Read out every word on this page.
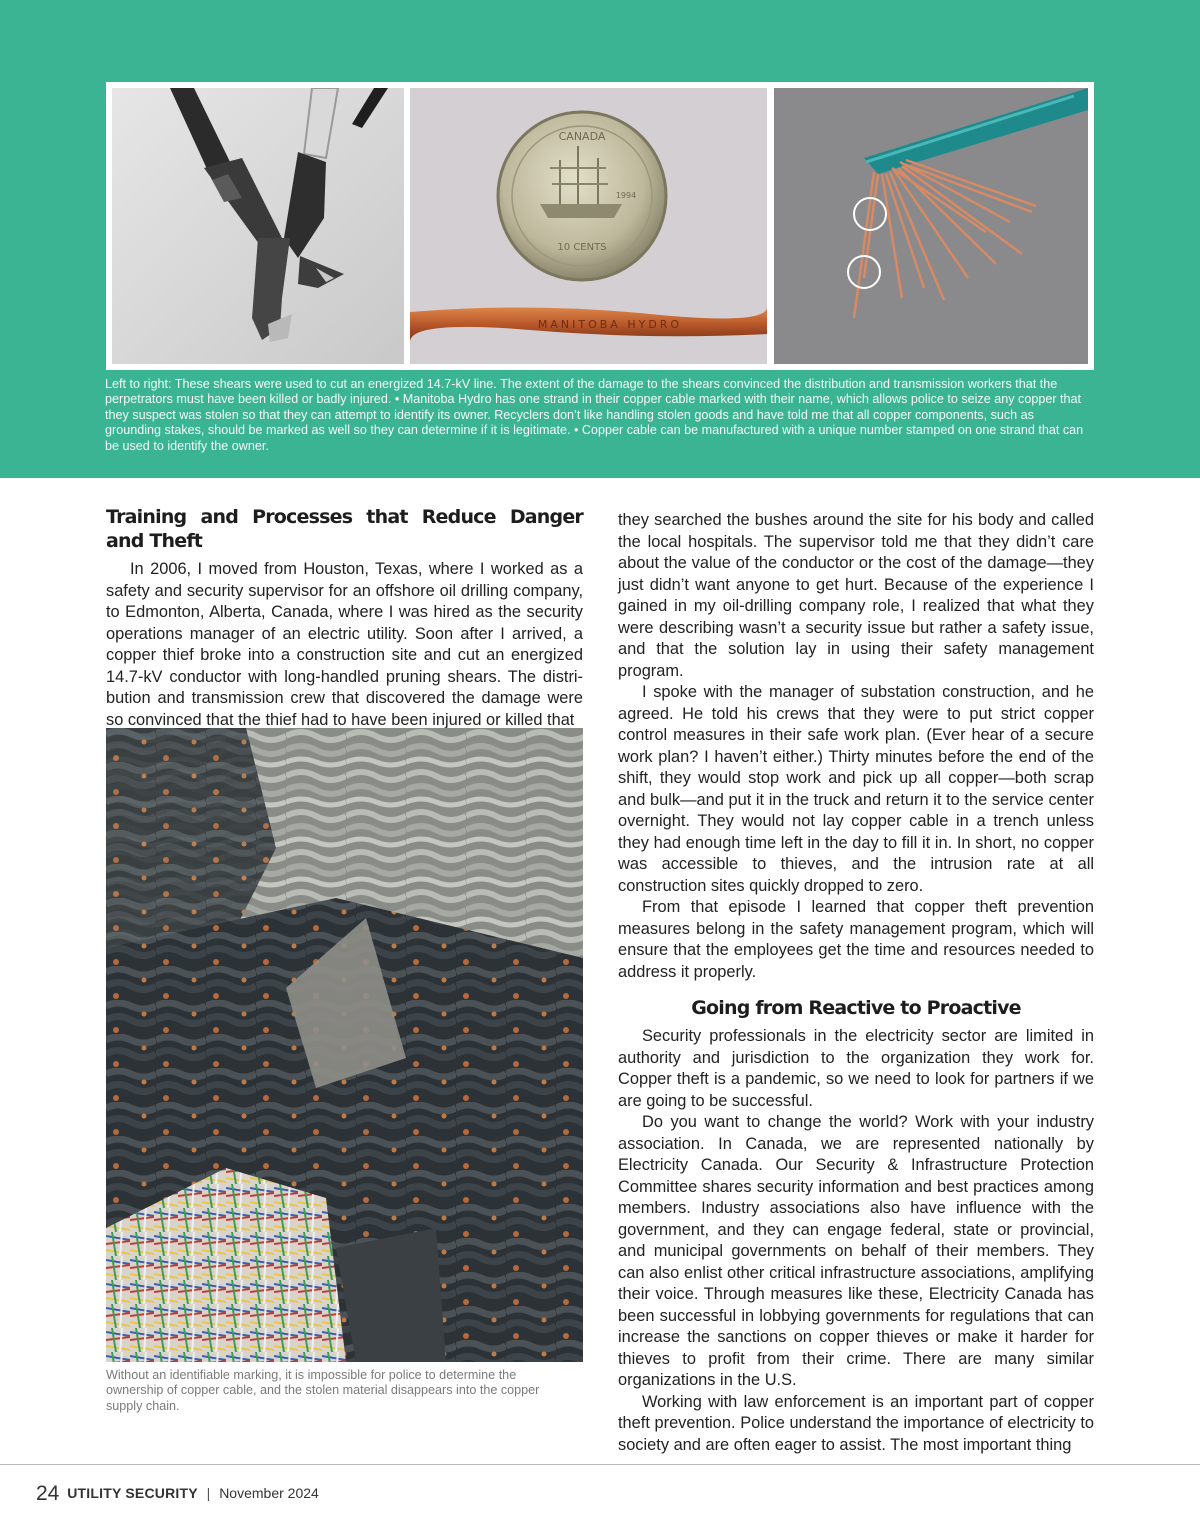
CANADA
10 CENTS
1994
MANITOBA HYDRO

Left to right: These shears were used to cut an energized 14.7-kV line. The extent of the damage to the shears convinced the distribution and transmission workers that the perpetrators must have been killed or badly injured. • Manitoba Hydro has one strand in their copper cable marked with their name, which allows police to seize any copper that they suspect was stolen so that they can attempt to identify its owner. Recyclers don’t like handling stolen goods and have told me that all copper components, such as grounding stakes, should be marked as well so they can determine if it is legitimate. • Copper cable can be manufactured with a unique number stamped on one strand that can be used to identify the owner.

Training and Processes that Reduce Danger and Theft

In 2006, I moved from Houston, Texas, where I worked as a safety and security supervisor for an offshore oil drilling company, to Edmonton, Alberta, Canada, where I was hired as the security operations manager of an electric utility. Soon after I arrived, a copper thief broke into a construction site and cut an energized 14.7-kV conductor with long-handled pruning shears. The distri-bution and transmission crew that discovered the damage were so convinced that the thief had to have been injured or killed that

Without an identifiable marking, it is impossible for police to determine the ownership of copper cable, and the stolen material disappears into the copper supply chain.

they searched the bushes around the site for his body and called the local hospitals. The supervisor told me that they didn’t care about the value of the conductor or the cost of the damage—they just didn’t want anyone to get hurt. Because of the experience I gained in my oil-drilling company role, I realized that what they were describing wasn’t a security issue but rather a safety issue, and that the solution lay in using their safety management program.

I spoke with the manager of substation construction, and he agreed. He told his crews that they were to put strict copper control measures in their safe work plan. (Ever hear of a secure work plan? I haven’t either.) Thirty minutes before the end of the shift, they would stop work and pick up all copper—both scrap and bulk—and put it in the truck and return it to the service center overnight. They would not lay copper cable in a trench unless they had enough time left in the day to fill it in. In short, no copper was accessible to thieves, and the intrusion rate at all construction sites quickly dropped to zero.

From that episode I learned that copper theft prevention measures belong in the safety management program, which will ensure that the employees get the time and resources needed to address it properly.

Going from Reactive to Proactive

Security professionals in the electricity sector are limited in authority and jurisdiction to the organization they work for. Copper theft is a pandemic, so we need to look for partners if we are going to be successful.

Do you want to change the world? Work with your industry association. In Canada, we are represented nationally by Electricity Canada. Our Security & Infrastructure Protection Committee shares security information and best practices among members. Industry associations also have influence with the government, and they can engage federal, state or provincial, and municipal governments on behalf of their members. They can also enlist other critical infrastructure associations, amplifying their voice. Through measures like these, Electricity Canada has been successful in lobbying governments for regulations that can increase the sanctions on copper thieves or make it harder for thieves to profit from their crime. There are many similar organizations in the U.S.

Working with law enforcement is an important part of copper theft prevention. Police understand the importance of electricity to society and are often eager to assist. The most important thing

24 UTILITY SECURITY | November 2024
